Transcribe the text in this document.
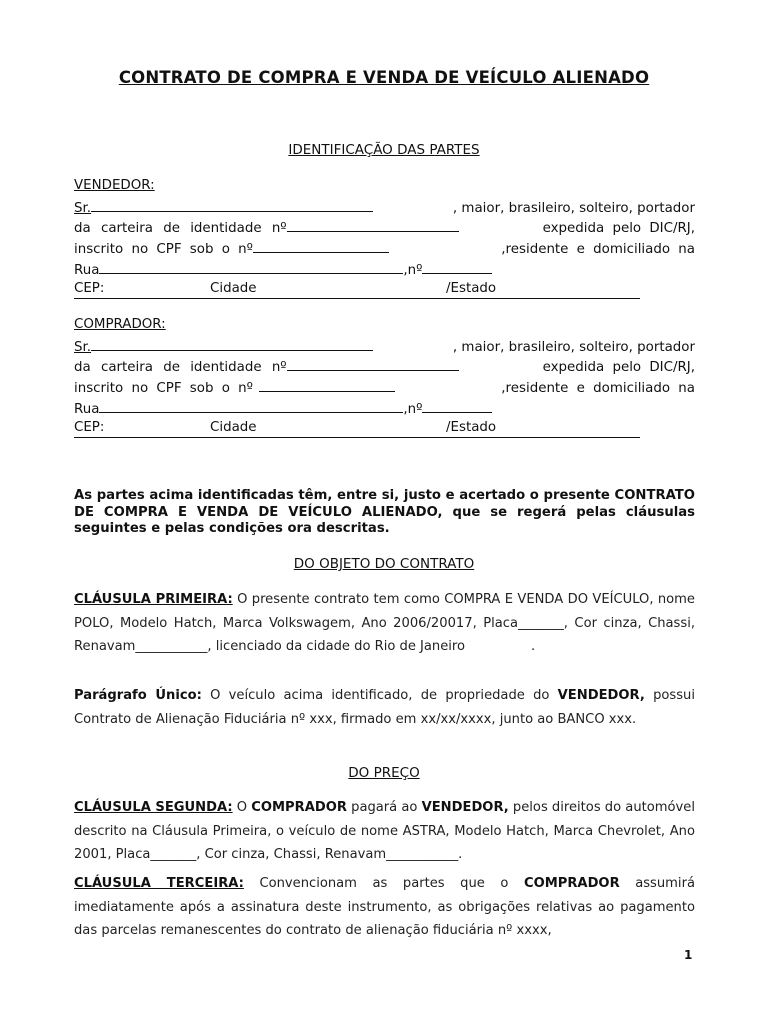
CONTRATO DE COMPRA E VENDA DE VEÍCULO ALIENADO
IDENTIFICAÇÃO DAS PARTES
VENDEDOR:
Sr.	, maior, brasileiro, solteiro, portador
da carteira de identidade nº	expedida pelo DIC/RJ,
inscrito no CPF sob o nº	,residente e domiciliado na
Rua	,nº
CEP:	Cidade	/Estado
COMPRADOR:
Sr.	, maior, brasileiro, solteiro, portador
da carteira de identidade nº	expedida pelo DIC/RJ,
inscrito no CPF sob o nº	,residente e domiciliado na
Rua	,nº
CEP:	Cidade	/Estado
As partes acima identificadas têm, entre si, justo e acertado o presente CONTRATO DE COMPRA E VENDA DE VEÍCULO ALIENADO, que se regerá pelas cláusulas seguintes e pelas condições ora descritas.
DO OBJETO DO CONTRATO
CLÁUSULA PRIMEIRA: O presente contrato tem como COMPRA E VENDA DO VEÍCULO, nome POLO, Modelo Hatch, Marca Volkswagem, Ano 2006/20017, Placa_______, Cor cinza, Chassi, Renavam___________, licenciado da cidade do Rio de Janeiro	.
Parágrafo Único: O veículo acima identificado, de propriedade do VENDEDOR, possui Contrato de Alienação Fiduciária nº xxx, firmado em xx/xx/xxxx, junto ao BANCO xxx.
DO PREÇO
CLÁUSULA SEGUNDA: O COMPRADOR pagará ao VENDEDOR, pelos direitos do automóvel descrito na Cláusula Primeira, o veículo de nome ASTRA, Modelo Hatch, Marca Chevrolet, Ano 2001, Placa_______, Cor cinza, Chassi, Renavam___________.
CLÁUSULA TERCEIRA: Convencionam as partes que o COMPRADOR assumirá imediatamente após a assinatura deste instrumento, as obrigações relativas ao pagamento das parcelas remanescentes do contrato de alienação fiduciária nº xxxx,
1
